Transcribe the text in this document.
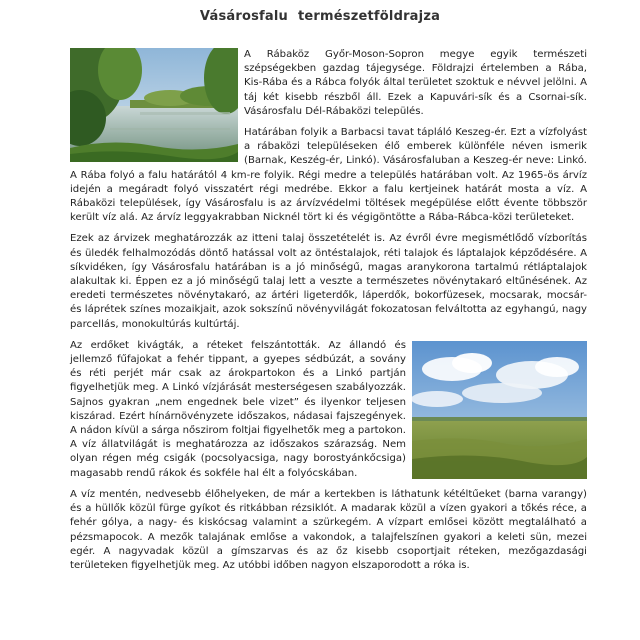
Vásárosfalu természetföldrajza

A Rábaköz Győr-Moson-Sopron megye egyik természeti szépségekben gazdag tájegysége. Földrajzi értelemben a Rába, Kis-Rába és a Rábca folyók által területet szoktuk e névvel jelölni. A táj két kisebb részből áll. Ezek a Kapuvári-sík és a Csornai-sík. Vásárosfalu Dél-Rábaközi település.

Határában folyik a Barbacsi tavat tápláló Keszeg-ér. Ezt a vízfolyást a rábaközi településeken élő emberek különféle néven ismerik (Barnak, Keszég-ér, Linkó). Vásárosfaluban a Keszeg-ér neve: Linkó. A Rába folyó a falu határától 4 km-re folyik. Régi medre a település határában volt. Az 1965-ös árvíz idején a megáradt folyó visszatért régi medrébe. Ekkor a falu kertjeinek határát mosta a víz. A Rábaközi települések, így Vásárosfalu is az árvízvédelmi töltések megépülése előtt évente többször került víz alá. Az árvíz leggyakrabban Nicknél tört ki és végigöntötte a Rába-Rábca-közi területeket.

Ezek az árvizek meghatározzák az itteni talaj összetételét is. Az évről évre megismétlődő vízborítás és üledék felhalmozódás döntő hatással volt az öntéstalajok, réti talajok és láptalajok képződésére. A síkvidéken, így Vásárosfalu határában is a jó minőségű, magas aranykorona tartalmú rétláptalajok alakultak ki. Éppen ez a jó minőségű talaj lett a veszte a természetes növénytakaró eltűnésének. Az eredeti természetes növénytakaró, az ártéri ligeterdők, láperdők, bokorfüzesek, mocsarak, mocsár- és láprétek színes mozaikjait, azok sokszínű növényvilágát fokozatosan felváltotta az egyhangú, nagy parcellás, monokultúrás kultúrtáj.

Az erdőket kivágták, a réteket felszántották. Az állandó és jellemző fűfajokat a fehér tippant, a gyepes sédbúzát, a sovány és réti perjét már csak az árokpartokon és a Linkó partján figyelhetjük meg. A Linkó vízjárását mesterségesen szabályozzák. Sajnos gyakran „nem engednek bele vizet” és ilyenkor teljesen kiszárad. Ezért hínárnövényzete időszakos, nádasai fajszegények. A nádon kívül a sárga nőszirom foltjai figyelhetők meg a partokon. A víz állatvilágát is meghatározza az időszakos szárazság. Nem olyan régen még csigák (pocsolyacsiga, nagy borostyánkőcsiga) magasabb rendű rákok és sokféle hal élt a folyócskában.

A víz mentén, nedvesebb élőhelyeken, de már a kertekben is láthatunk kétéltűeket (barna varangy) és a hüllők közül fürge gyíkot és ritkábban rézsiklót. A madarak közül a vízen gyakori a tőkés réce, a fehér gólya, a nagy- és kiskócsag valamint a szürkegém. A vízpart emlősei között megtalálható a pézsmapocok. A mezők talajának emlőse a vakondok, a talajfelszínen gyakori a keleti sün, mezei egér. A nagyvadak közül a gímszarvas és az őz kisebb csoportjait réteken, mezőgazdasági területeken figyelhetjük meg. Az utóbbi időben nagyon elszaporodott a róka is.
